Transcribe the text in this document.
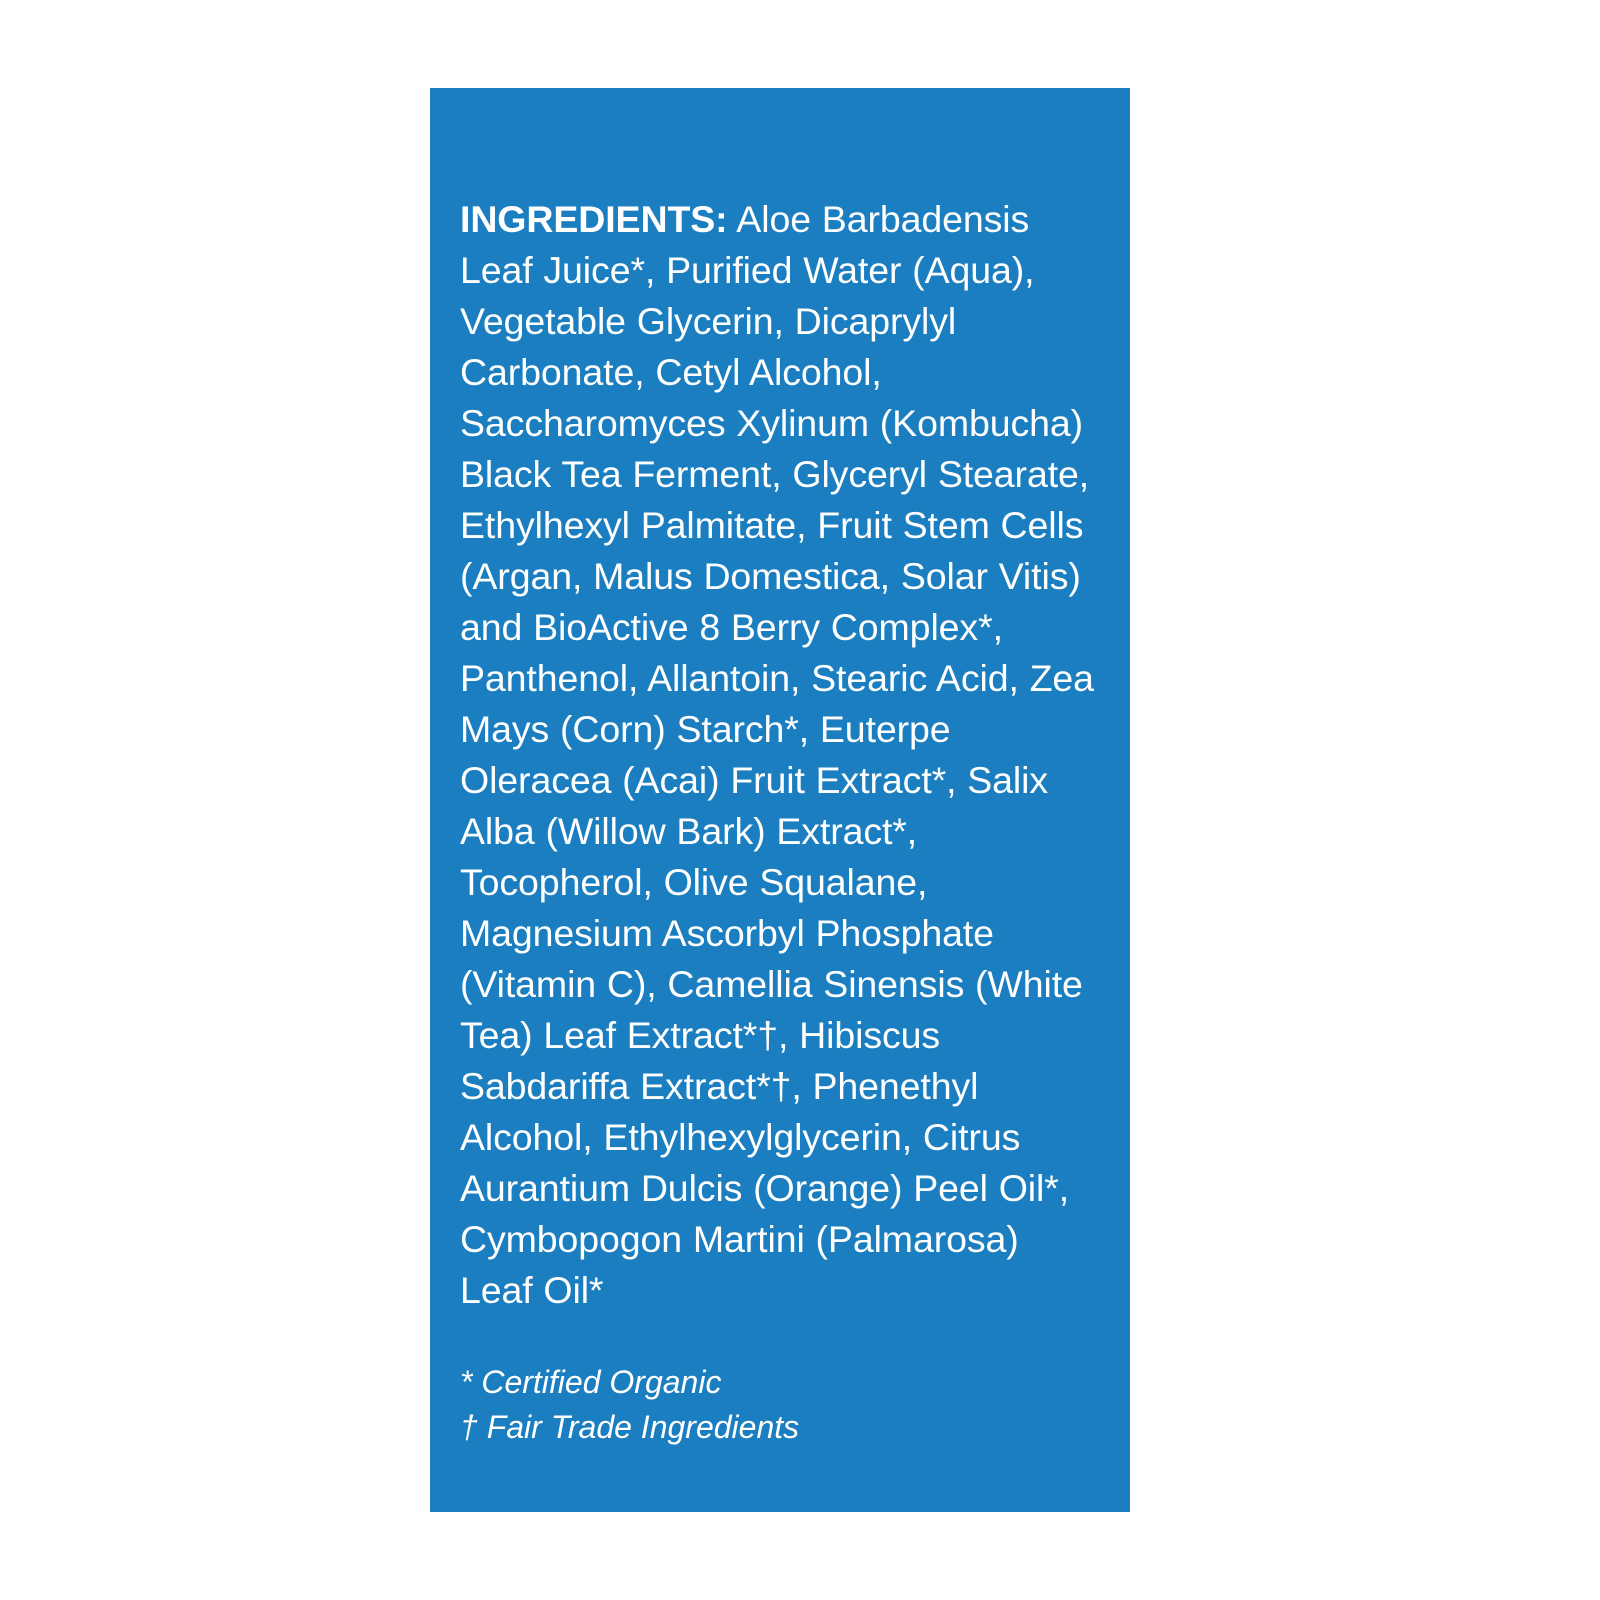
INGREDIENTS: Aloe Barbadensis Leaf Juice*, Purified Water (Aqua), Vegetable Glycerin, Dicaprylyl Carbonate, Cetyl Alcohol, Saccharomyces Xylinum (Kombucha) Black Tea Ferment, Glyceryl Stearate, Ethylhexyl Palmitate, Fruit Stem Cells (Argan, Malus Domestica, Solar Vitis) and BioActive 8 Berry Complex*, Panthenol, Allantoin, Stearic Acid, Zea Mays (Corn) Starch*, Euterpe Oleracea (Acai) Fruit Extract*, Salix Alba (Willow Bark) Extract*, Tocopherol, Olive Squalane, Magnesium Ascorbyl Phosphate (Vitamin C), Camellia Sinensis (White Tea) Leaf Extract*†, Hibiscus Sabdariffa Extract*†, Phenethyl Alcohol, Ethylhexylglycerin, Citrus Aurantium Dulcis (Orange) Peel Oil*, Cymbopogon Martini (Palmarosa) Leaf Oil*

* Certified Organic
† Fair Trade Ingredients
